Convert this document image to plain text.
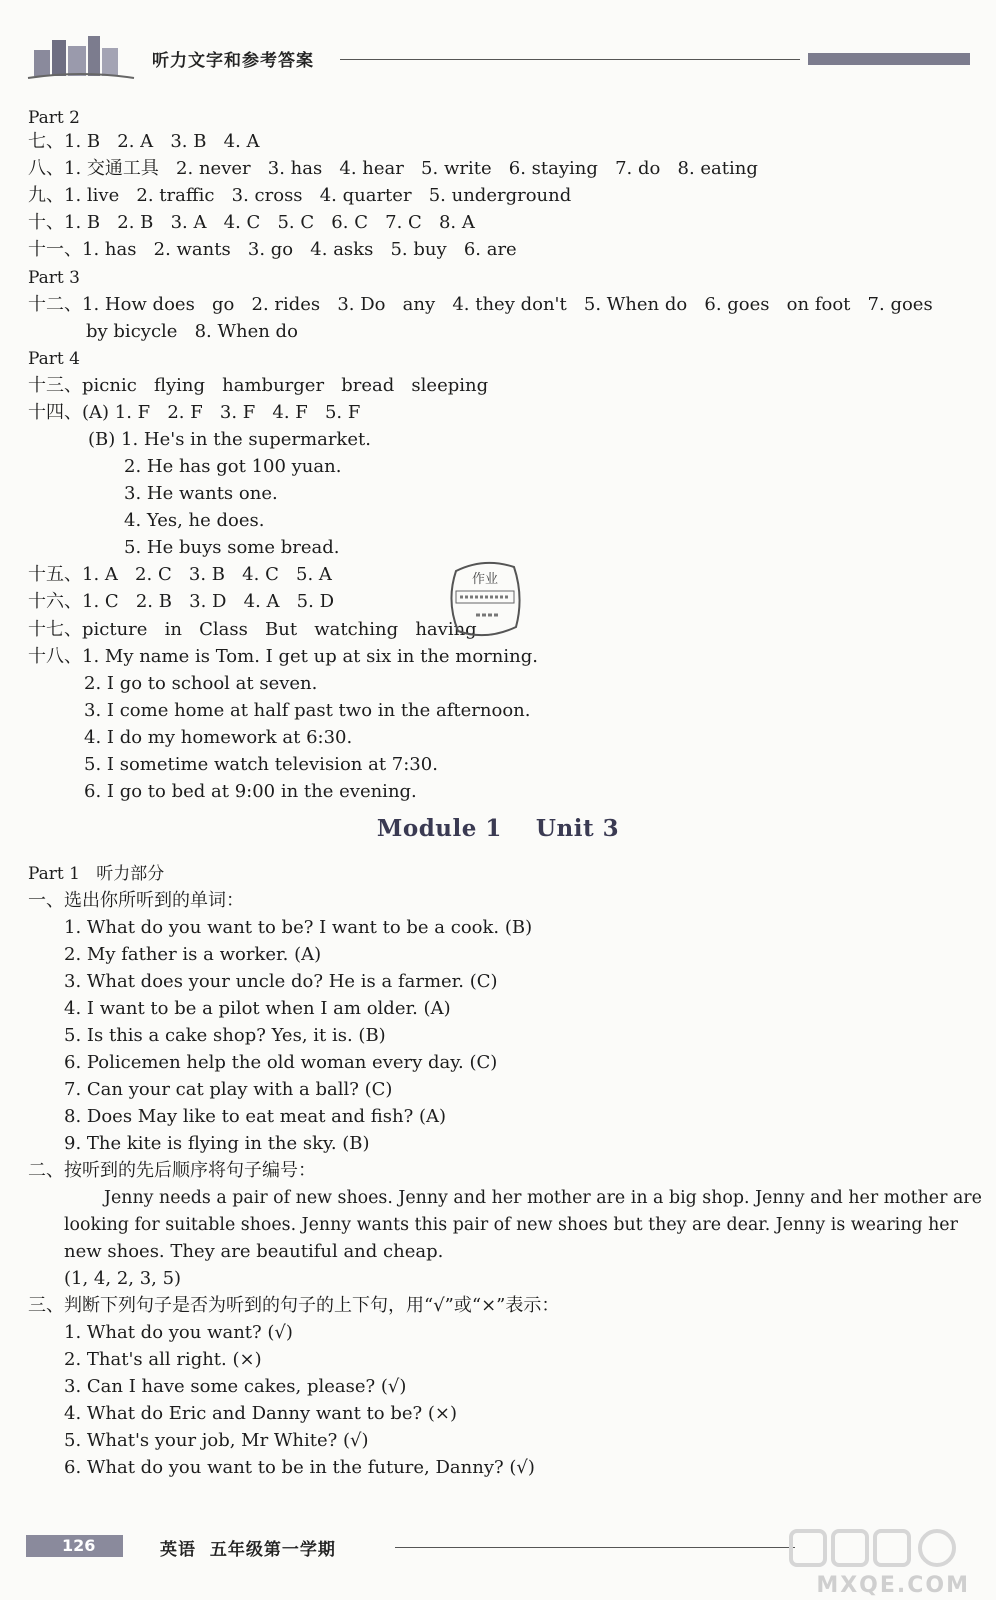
听力文字和参考答案
Part 2
七、1. B   2. A   3. B   4. A
八、1. 交通工具   2. never   3. has   4. hear   5. write   6. staying   7. do   8. eating
九、1. live   2. traffic   3. cross   4. quarter   5. underground
十、1. B   2. B   3. A   4. C   5. C   6. C   7. C   8. A
十一、1. has   2. wants   3. go   4. asks   5. buy   6. are
Part 3
十二、1. How does   go   2. rides   3. Do   any   4. they don't   5. When do   6. goes   on foot   7. goes
by bicycle   8. When do
Part 4
十三、picnic   flying   hamburger   bread   sleeping
十四、(A) 1. F   2. F   3. F   4. F   5. F
(B) 1. He's in the supermarket.
2. He has got 100 yuan.
3. He wants one.
4. Yes, he does.
5. He buys some bread.
十五、1. A   2. C   3. B   4. C   5. A
十六、1. C   2. B   3. D   4. A   5. D
十七、picture   in   Class   But   watching   having
十八、1. My name is Tom. I get up at six in the morning.
2. I go to school at seven.
3. I come home at half past two in the afternoon.
4. I do my homework at 6:30.
5. I sometime watch television at 7:30.
6. I go to bed at 9:00 in the evening.
Module 1    Unit 3
Part 1   听力部分
一、选出你所听到的单词：
1. What do you want to be? I want to be a cook. (B)
2. My father is a worker. (A)
3. What does your uncle do? He is a farmer. (C)
4. I want to be a pilot when I am older. (A)
5. Is this a cake shop? Yes, it is. (B)
6. Policemen help the old woman every day. (C)
7. Can your cat play with a ball? (C)
8. Does May like to eat meat and fish? (A)
9. The kite is flying in the sky. (B)
二、按听到的先后顺序将句子编号：
Jenny needs a pair of new shoes. Jenny and her mother are in a big shop. Jenny and her mother are
looking for suitable shoes. Jenny wants this pair of new shoes but they are dear. Jenny is wearing her
new shoes. They are beautiful and cheap.
(1, 4, 2, 3, 5)
三、判断下列句子是否为听到的句子的上下句，用“√”或“×”表示：
1. What do you want? (√)
2. That's all right. (×)
3. Can I have some cakes, please? (√)
4. What do Eric and Danny want to be? (×)
5. What's your job, Mr White? (√)
6. What do you want to be in the future, Danny? (√)
作业
126	英语  五年级第一学期
MXQE.COM
